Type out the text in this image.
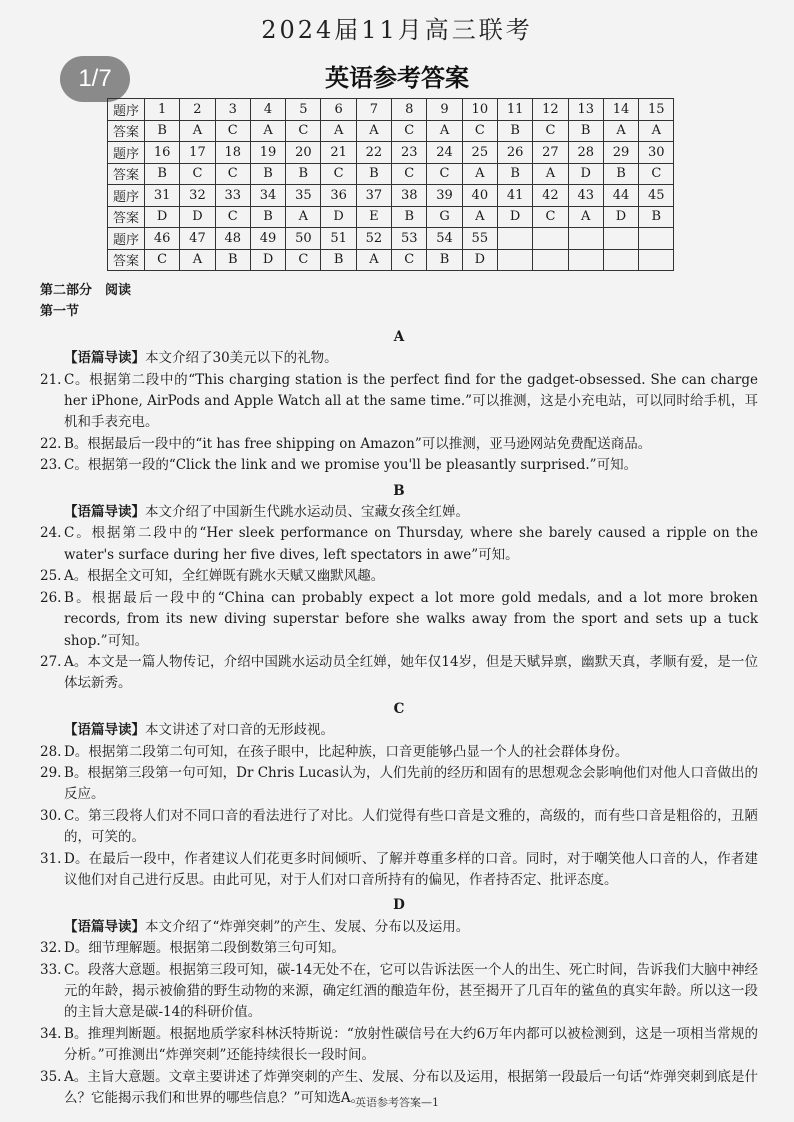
2024届11月高三联考
1/7	英语参考答案
题序	1	2	3	4	5	6	7	8	9	10	11	12	13	14	15
答案	B	A	C	A	C	A	A	C	A	C	B	C	B	A	A
题序	16	17	18	19	20	21	22	23	24	25	26	27	28	29	30
答案	B	C	C	B	B	C	B	C	C	A	B	A	D	B	C
题序	31	32	33	34	35	36	37	38	39	40	41	42	43	44	45
答案	D	D	C	B	A	D	E	B	G	A	D	C	A	D	B
题序	46	47	48	49	50	51	52	53	54	55					
答案	C	A	B	D	C	B	A	C	B	D					
第二部分　阅读
第一节
A
【语篇导读】本文介绍了30美元以下的礼物。
21. C。根据第二段中的“This charging station is the perfect find for the gadget-obsessed. She can charge her iPhone, AirPods and Apple Watch all at the same time.”可以推测，这是小充电站，可以同时给手机，耳机和手表充电。
22. B。根据最后一段中的“it has free shipping on Amazon”可以推测，亚马逊网站免费配送商品。
23. C。根据第一段的“Click the link and we promise you'll be pleasantly surprised.”可知。
B
【语篇导读】本文介绍了中国新生代跳水运动员、宝藏女孩全红婵。
24. C。根据第二段中的“Her sleek performance on Thursday, where she barely caused a ripple on the water's surface during her five dives, left spectators in awe”可知。
25. A。根据全文可知，全红婵既有跳水天赋又幽默风趣。
26. B。根据最后一段中的“China can probably expect a lot more gold medals, and a lot more broken records, from its new diving superstar before she walks away from the sport and sets up a tuck shop.”可知。
27. A。本文是一篇人物传记，介绍中国跳水运动员全红婵，她年仅14岁，但是天赋异禀，幽默天真，孝顺有爱，是一位体坛新秀。
C
【语篇导读】本文讲述了对口音的无形歧视。
28. D。根据第二段第二句可知，在孩子眼中，比起种族，口音更能够凸显一个人的社会群体身份。
29. B。根据第三段第一句可知，Dr Chris Lucas认为，人们先前的经历和固有的思想观念会影响他们对他人口音做出的反应。
30. C。第三段将人们对不同口音的看法进行了对比。人们觉得有些口音是文雅的，高级的，而有些口音是粗俗的，丑陋的，可笑的。
31. D。在最后一段中，作者建议人们花更多时间倾听、了解并尊重多样的口音。同时，对于嘲笑他人口音的人，作者建议他们对自己进行反思。由此可见，对于人们对口音所持有的偏见，作者持否定、批评态度。
D
【语篇导读】本文介绍了“炸弹突刺”的产生、发展、分布以及运用。
32. D。细节理解题。根据第二段倒数第三句可知。
33. C。段落大意题。根据第三段可知，碳-14无处不在，它可以告诉法医一个人的出生、死亡时间，告诉我们大脑中神经元的年龄，揭示被偷猎的野生动物的来源，确定红酒的酿造年份，甚至揭开了几百年的鲨鱼的真实年龄。所以这一段的主旨大意是碳-14的科研价值。
34. B。推理判断题。根据地质学家科林沃特斯说：“放射性碳信号在大约6万年内都可以被检测到，这是一项相当常规的分析。”可推测出“炸弹突刺”还能持续很长一段时间。
35. A。主旨大意题。文章主要讲述了炸弹突刺的产生、发展、分布以及运用，根据第一段最后一句话“炸弹突刺到底是什么？它能揭示我们和世界的哪些信息？”可知选A。
英语参考答案—1
